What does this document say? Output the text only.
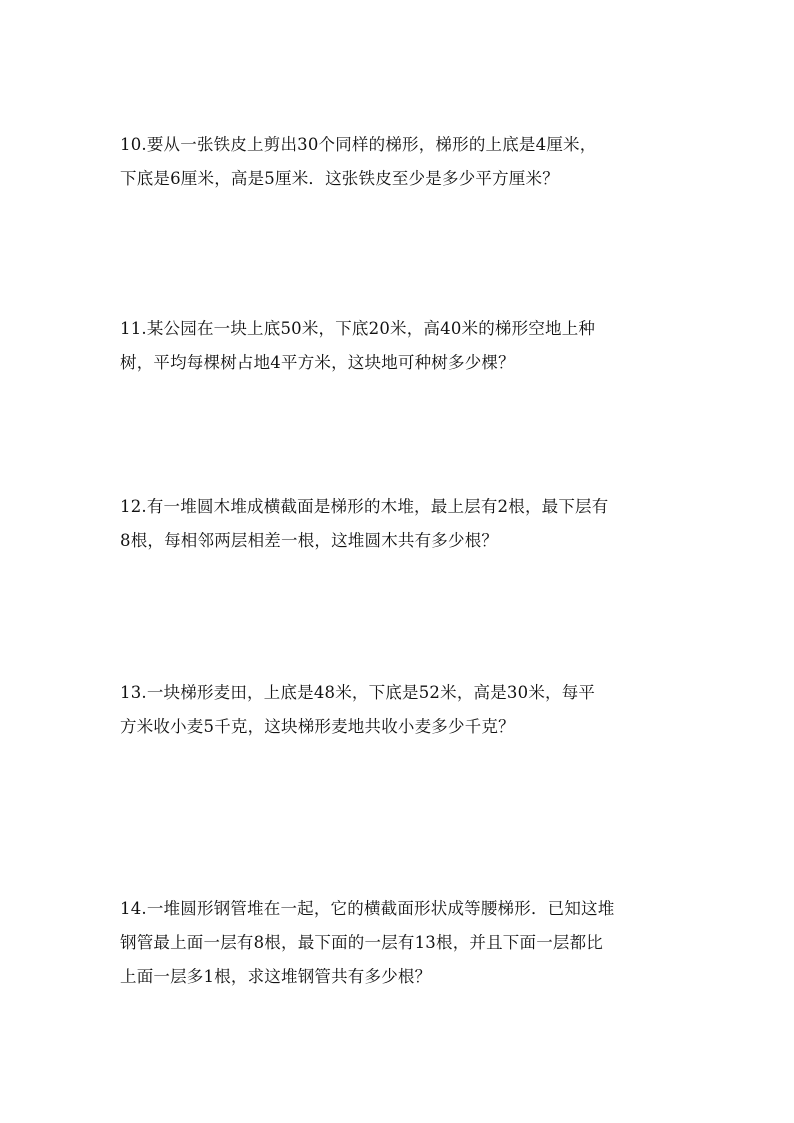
10.要从一张铁皮上剪出30个同样的梯形，梯形的上底是4厘米，
下底是6厘米，高是5厘米．这张铁皮至少是多少平方厘米？
11.某公园在一块上底50米，下底20米，高40米的梯形空地上种
树，平均每棵树占地4平方米，这块地可种树多少棵？
12.有一堆圆木堆成横截面是梯形的木堆，最上层有2根，最下层有
8根，每相邻两层相差一根，这堆圆木共有多少根？
13.一块梯形麦田，上底是48米，下底是52米，高是30米，每平
方米收小麦5千克，这块梯形麦地共收小麦多少千克？
14.一堆圆形钢管堆在一起，它的横截面形状成等腰梯形．已知这堆
钢管最上面一层有8根，最下面的一层有13根，并且下面一层都比
上面一层多1根，求这堆钢管共有多少根？
